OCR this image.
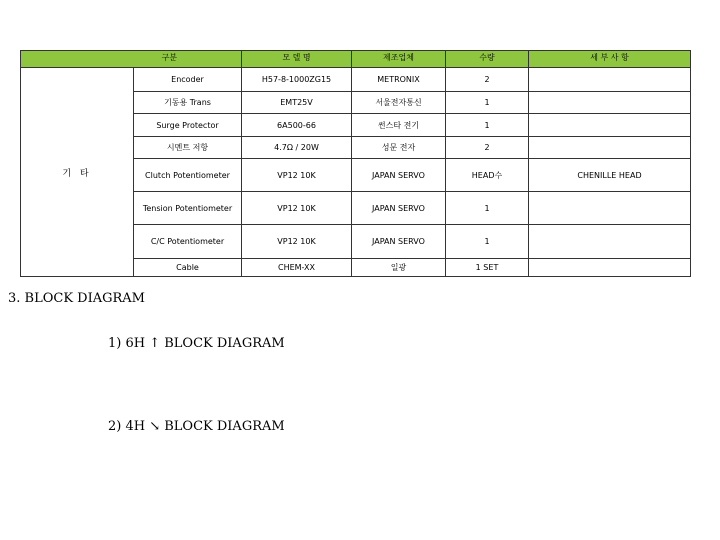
구분		모 델 명	제조업체	수량	세 부 사 항
기 타	Encoder	H57-8-1000ZG15	METRONIX	2	
	기동용 Trans	EMT25V	서울전자통신	1	
	Surge Protector	6A500-66	썬스타 전기	1	
	시멘트 저항	4.7Ω / 20W	성문 전자	2	
	Clutch Potentiometer	VP12 10K	JAPAN SERVO	HEAD수	CHENILLE HEAD
	Tension Potentiometer	VP12 10K	JAPAN SERVO	1	
	C/C Potentiometer	VP12 10K	JAPAN SERVO	1	
	Cable	CHEM-XX	일광	1 SET	
3. BLOCK DIAGRAM
1) 6H ↑ BLOCK DIAGRAM
2) 4H ↘ BLOCK DIAGRAM
